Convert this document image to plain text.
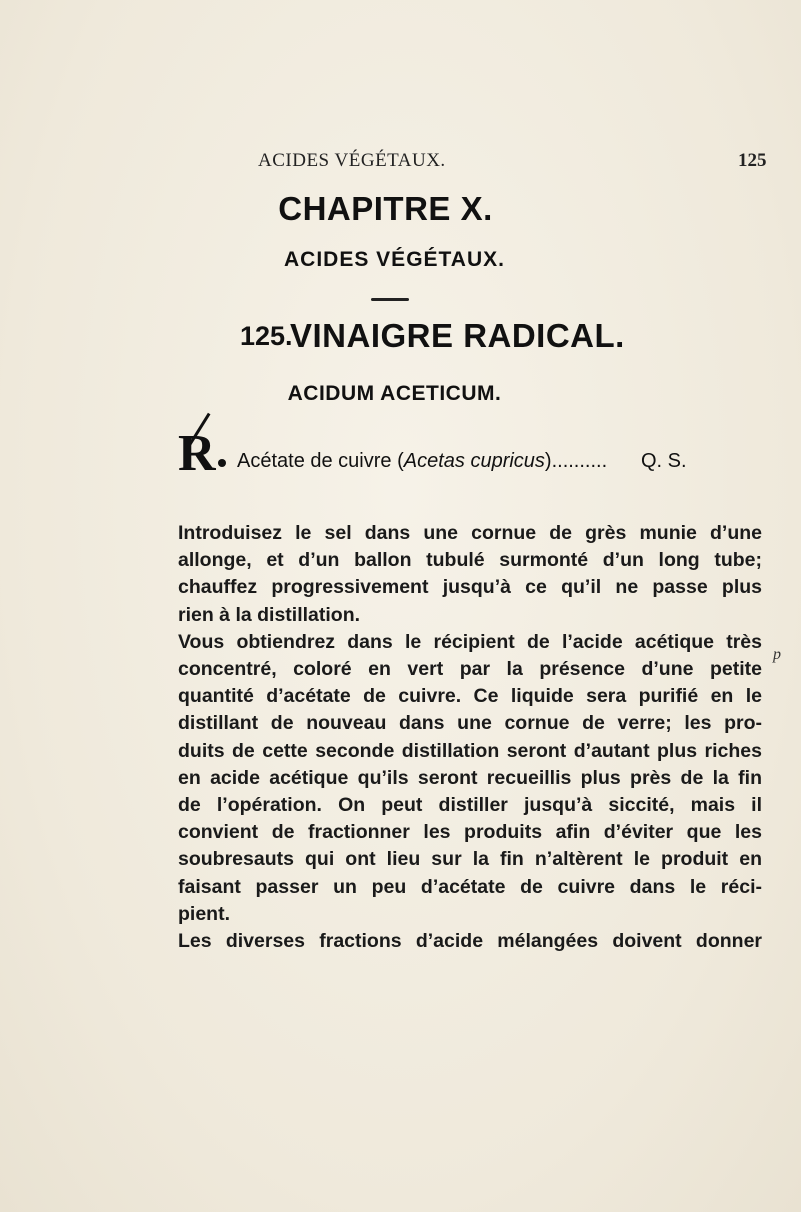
ACIDES VÉGÉTAUX.	125
CHAPITRE X.
ACIDES VÉGÉTAUX.
125.
VINAIGRE RADICAL.
ACIDUM ACETICUM.
R Acétate de cuivre (Acetas cupricus).......... Q. S.
Introduisez le sel dans une cornue de grès munie d’une
allonge, et d’un ballon tubulé surmonté d’un long tube;
chauffez progressivement jusqu’à ce qu’il ne passe plus
rien à la distillation.
Vous obtiendrez dans le récipient de l’acide acétique très
concentré, coloré en vert par la présence d’une petite
quantité d’acétate de cuivre. Ce liquide sera purifié en le
distillant de nouveau dans une cornue de verre; les pro-
duits de cette seconde distillation seront d’autant plus riches
en acide acétique qu’ils seront recueillis plus près de la fin
de l’opération. On peut distiller jusqu’à siccité, mais il
convient de fractionner les produits afin d’éviter que les
soubresauts qui ont lieu sur la fin n’altèrent le produit en
faisant passer un peu d’acétate de cuivre dans le réci-
pient.
Les diverses fractions d’acide mélangées doivent donner
p
